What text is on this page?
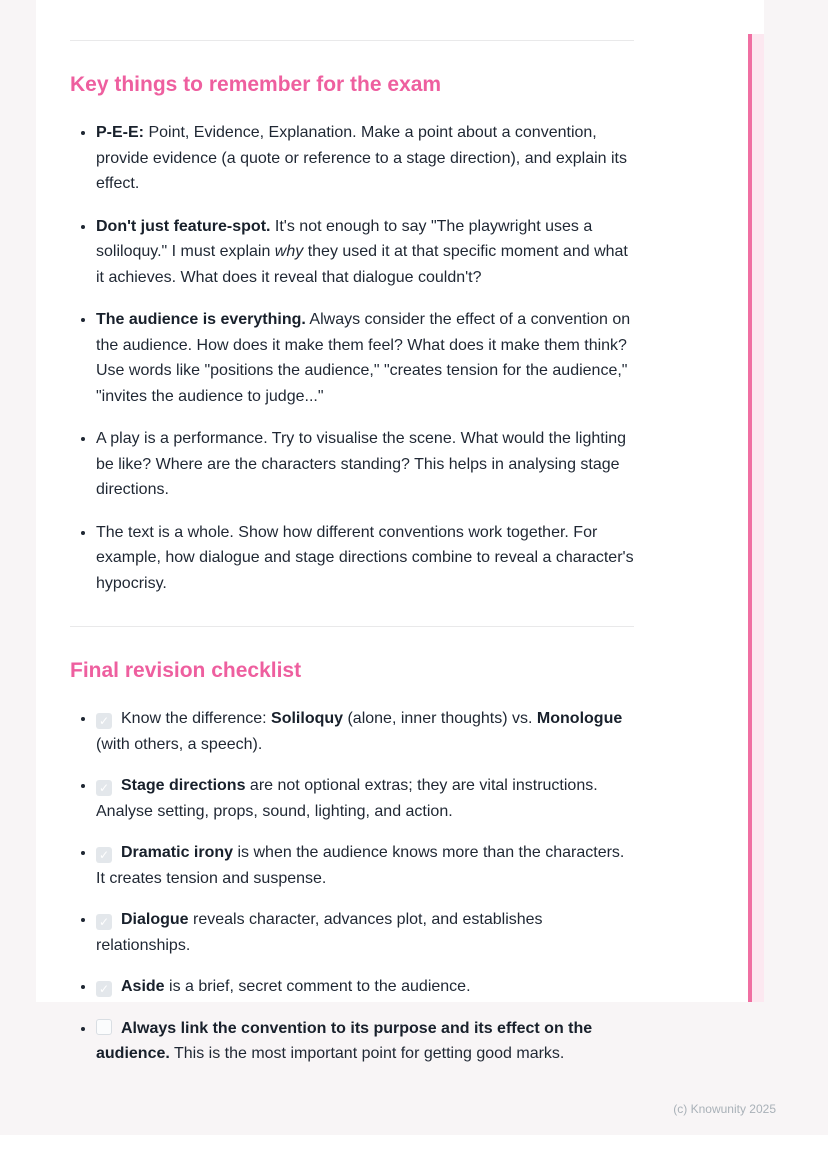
Key things to remember for the exam
• P-E-E: Point, Evidence, Explanation. Make a point about a convention, provide evidence (a quote or reference to a stage direction), and explain its effect.
• Don't just feature-spot. It's not enough to say "The playwright uses a soliloquy." I must explain why they used it at that specific moment and what it achieves. What does it reveal that dialogue couldn't?
• The audience is everything. Always consider the effect of a convention on the audience. How does it make them feel? What does it make them think? Use words like "positions the audience," "creates tension for the audience," "invites the audience to judge..."
• A play is a performance. Try to visualise the scene. What would the lighting be like? Where are the characters standing? This helps in analysing stage directions.
• The text is a whole. Show how different conventions work together. For example, how dialogue and stage directions combine to reveal a character's hypocrisy.
Final revision checklist
• ✓ Know the difference: Soliloquy (alone, inner thoughts) vs. Monologue (with others, a speech).
• ✓ Stage directions are not optional extras; they are vital instructions. Analyse setting, props, sound, lighting, and action.
• ✓ Dramatic irony is when the audience knows more than the characters. It creates tension and suspense.
• ✓ Dialogue reveals character, advances plot, and establishes relationships.
• ✓ Aside is a brief, secret comment to the audience.
• Always link the convention to its purpose and its effect on the audience. This is the most important point for getting good marks.
(c) Knowunity 2025
